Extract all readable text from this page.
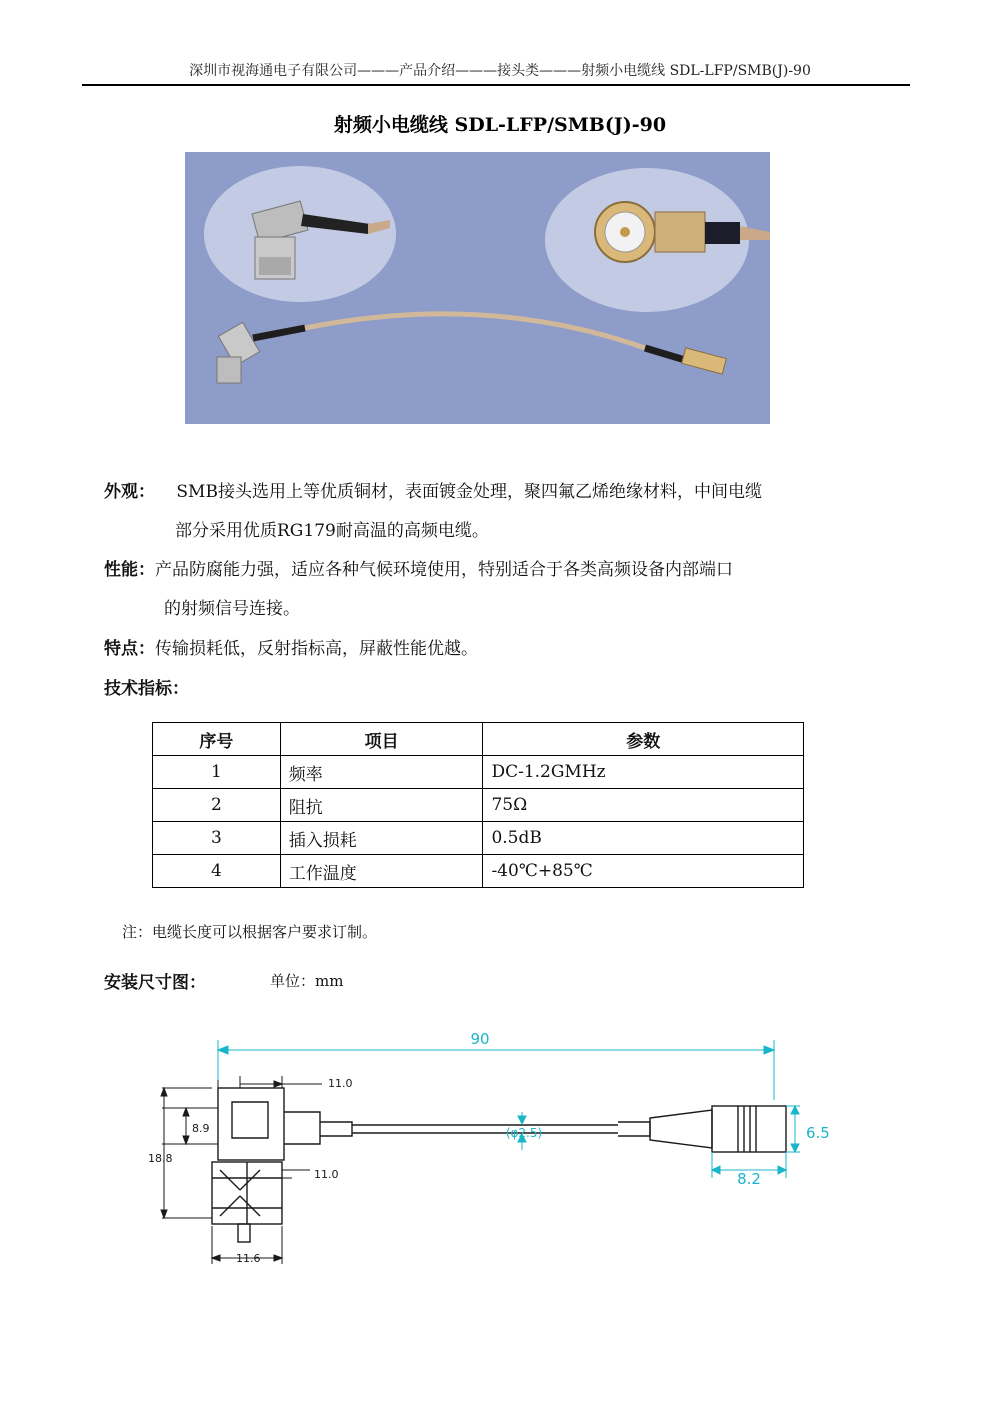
深圳市视海通电子有限公司———产品介绍———接头类———射频小电缆线 SDL-LFP/SMB(J)-90
射频小电缆线 SDL-LFP/SMB(J)-90
外观： SMB接头选用上等优质铜材，表面镀金处理，聚四氟乙烯绝缘材料，中间电缆
部分采用优质RG179耐高温的高频电缆。
性能：产品防腐能力强，适应各种气候环境使用，特别适合于各类高频设备内部端口
的射频信号连接。
特点：传输损耗低，反射指标高，屏蔽性能优越。
技术指标：
序号	项目	参数
1	频率	DC-1.2GMHz
2	阻抗	75Ω
3	插入损耗	0.5dB
4	工作温度	-40℃+85℃
注：电缆长度可以根据客户要求订制。
安装尺寸图：	单位：mm
90
(φ2.5)	6.5
8.2
11.0
11.0
8.9
18.8
11.6
